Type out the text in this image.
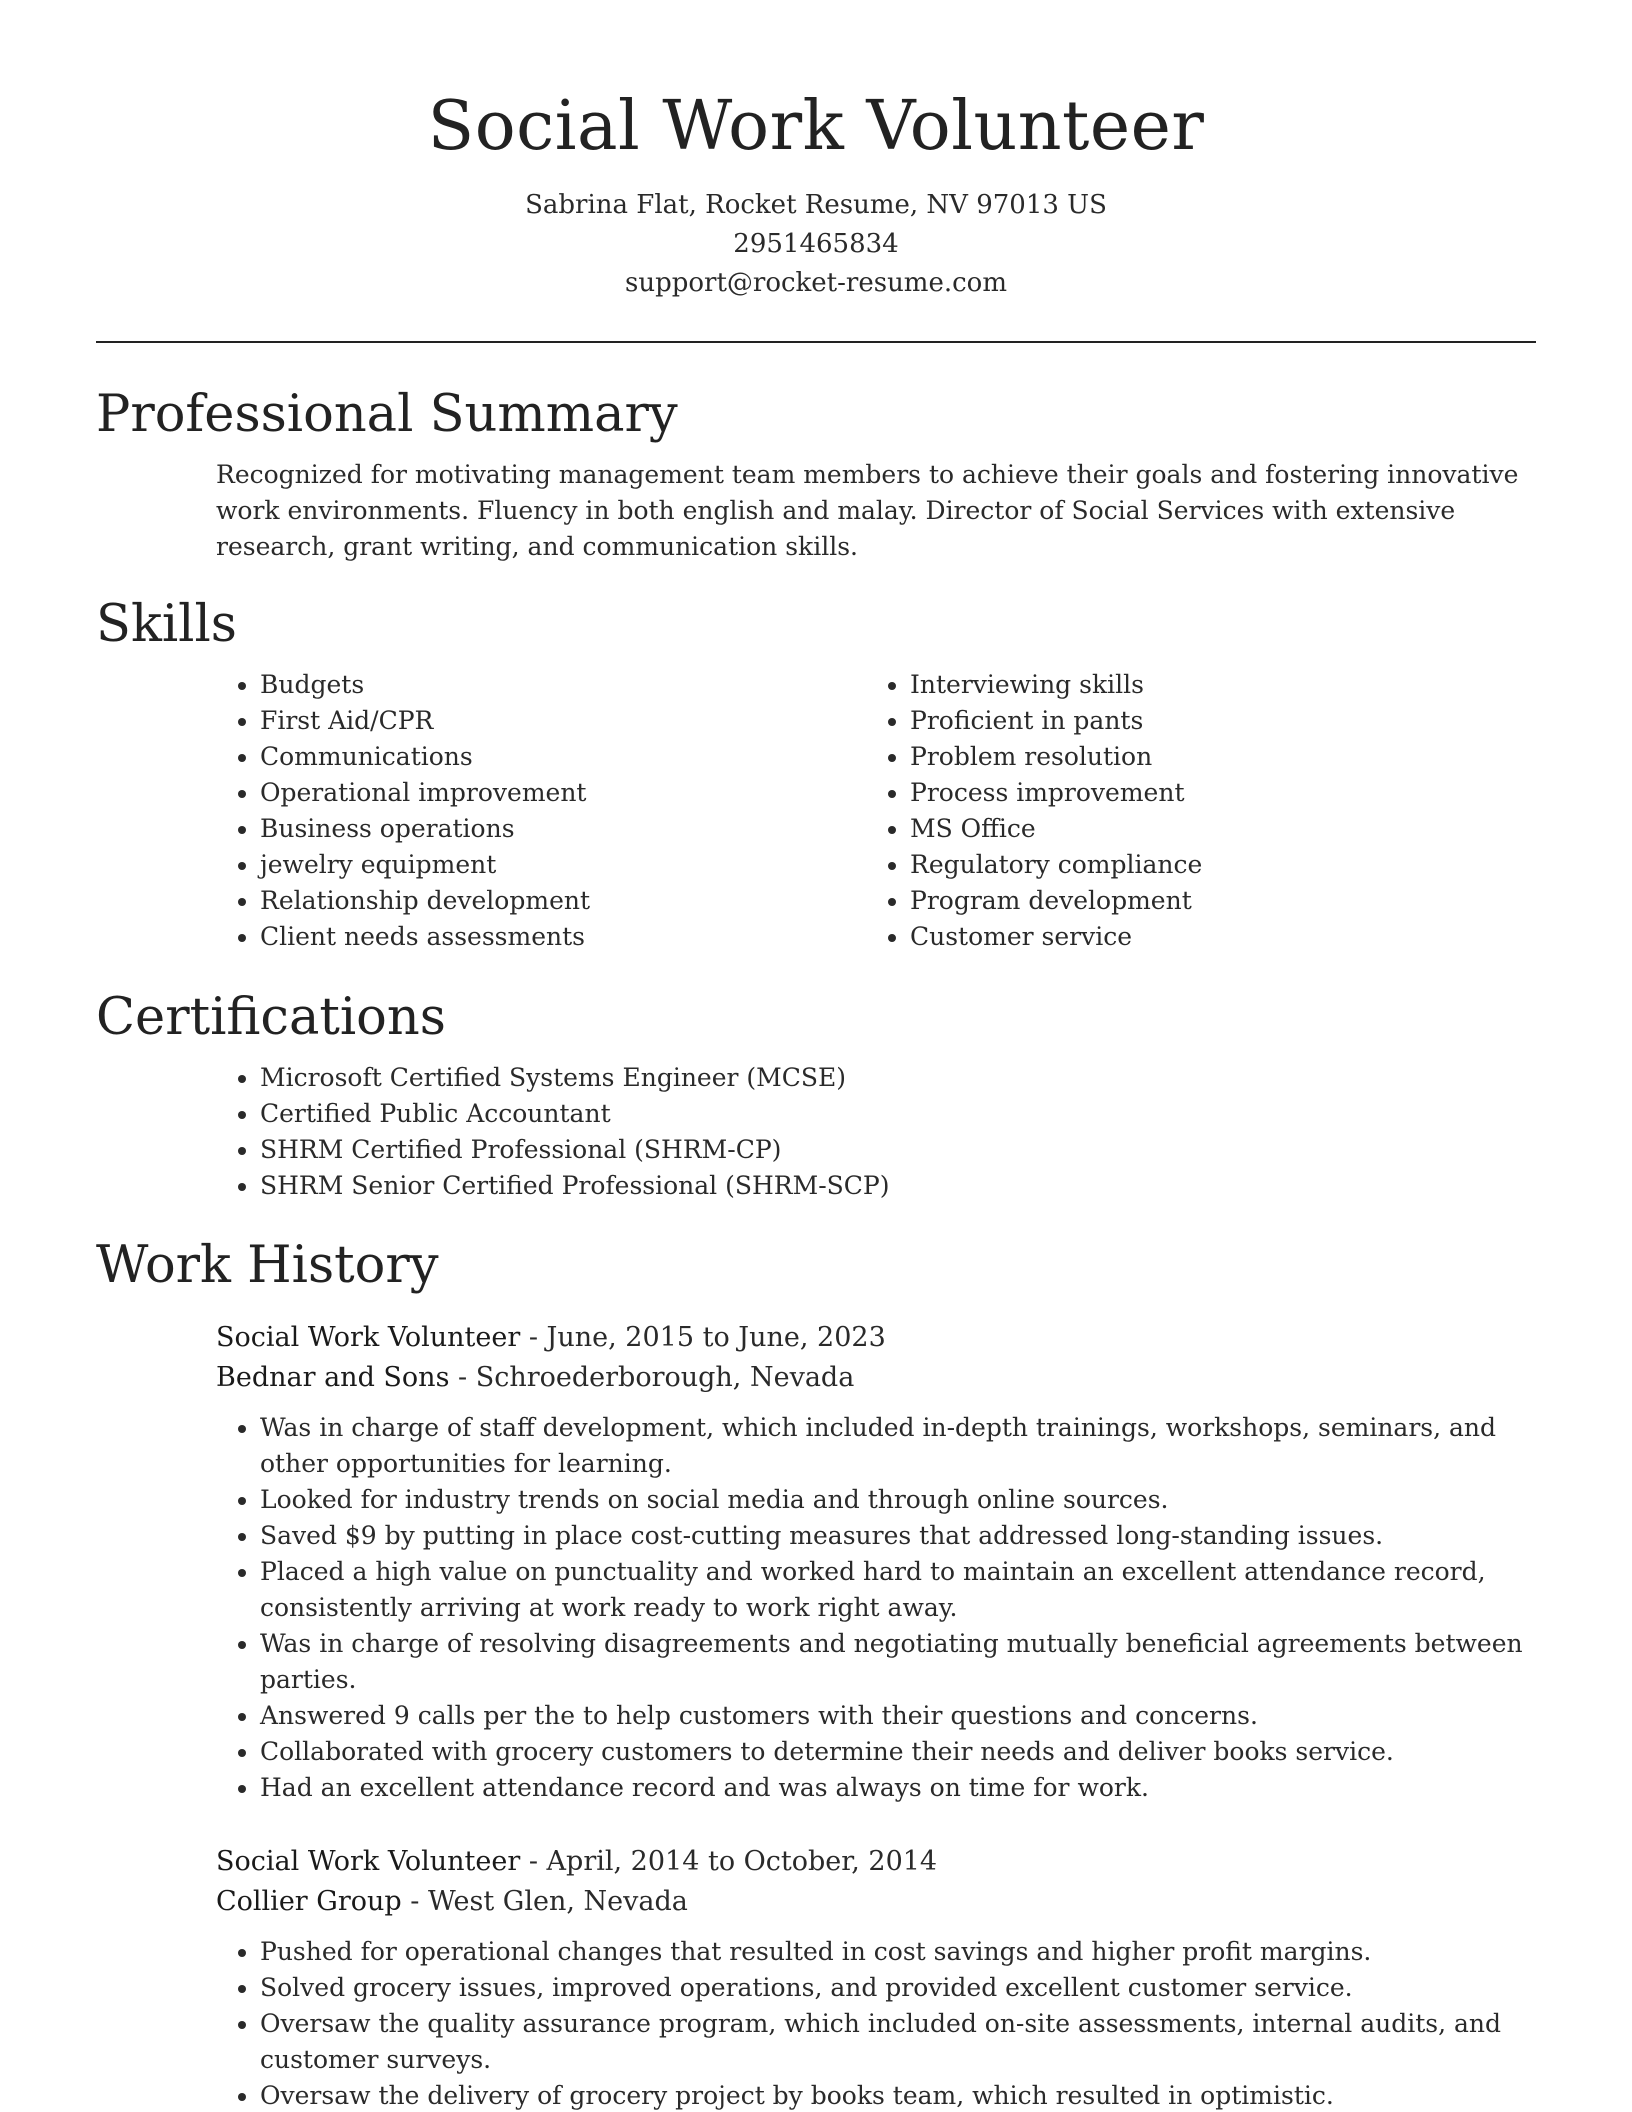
Social Work Volunteer
Sabrina Flat, Rocket Resume, NV 97013 US
2951465834
support@rocket-resume.com
Professional Summary

Recognized for motivating management team members to achieve their goals and fostering innovative work environments. Fluency in both english and malay. Director of Social Services with extensive research, grant writing, and communication skills.

Skills
• Budgets
• First Aid/CPR
• Communications
• Operational improvement
• Business operations
• jewelry equipment
• Relationship development
• Client needs assessments
• Interviewing skills
• Proficient in pants
• Problem resolution
• Process improvement
• MS Office
• Regulatory compliance
• Program development
• Customer service
Certifications
• Microsoft Certified Systems Engineer (MCSE)
• Certified Public Accountant
• SHRM Certified Professional (SHRM-CP)
• SHRM Senior Certified Professional (SHRM-SCP)
Work History
Social Work Volunteer - June, 2015 to June, 2023
Bednar and Sons - Schroederborough, Nevada
• Was in charge of staff development, which included in-depth trainings, workshops, seminars, and other opportunities for learning.
• Looked for industry trends on social media and through online sources.
• Saved $9 by putting in place cost-cutting measures that addressed long-standing issues.
• Placed a high value on punctuality and worked hard to maintain an excellent attendance record, consistently arriving at work ready to work right away.
• Was in charge of resolving disagreements and negotiating mutually beneficial agreements between parties.
• Answered 9 calls per the to help customers with their questions and concerns.
• Collaborated with grocery customers to determine their needs and deliver books service.
• Had an excellent attendance record and was always on time for work.
Social Work Volunteer - April, 2014 to October, 2014
Collier Group - West Glen, Nevada
• Pushed for operational changes that resulted in cost savings and higher profit margins.
• Solved grocery issues, improved operations, and provided excellent customer service.
• Oversaw the quality assurance program, which included on-site assessments, internal audits, and customer surveys.
• Oversaw the delivery of grocery project by books team, which resulted in optimistic.
